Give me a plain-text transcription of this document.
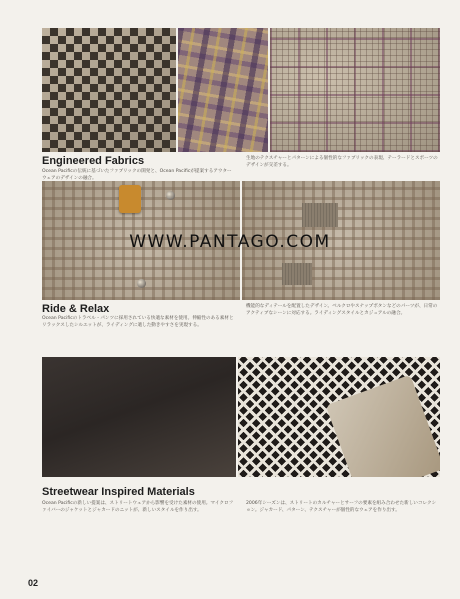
Engineered Fabrics
Ocean Pacificの伝統に基づいたファブリックの開発と、Ocean Pacificが提案するアウターウェアのデザインの融合。
生地のテクスチャーとパターンによる個性的なファブリックの表現、テーラードとスポーツのデザインが交差する。
WWW.PANTAGO.COM
Ride & Relax
Ocean Pacificのトラベル・パンツに採用されている快適な素材を使用。伸縮性のある素材とリラックスしたシルエットが、ライディングに適した動きやすさを実現する。
機能的なディテールを配置したデザイン。ベルクロやスナップボタンなどのパーツが、日常のアクティブなシーンに対応する。ライディングスタイルとカジュアルの融合。
Streetwear Inspired Materials
Ocean Pacificの新しい提案は、ストリートウェアから影響を受けた素材の使用。マイクロファイバーのジャケットとジャカードのニットが、新しいスタイルを作り出す。
2006年シーズンは、ストリートのカルチャーとサーフの要素を組み合わせた新しいコレクション。ジャカード、パターン、テクスチャーが個性的なウェアを作り出す。
02
